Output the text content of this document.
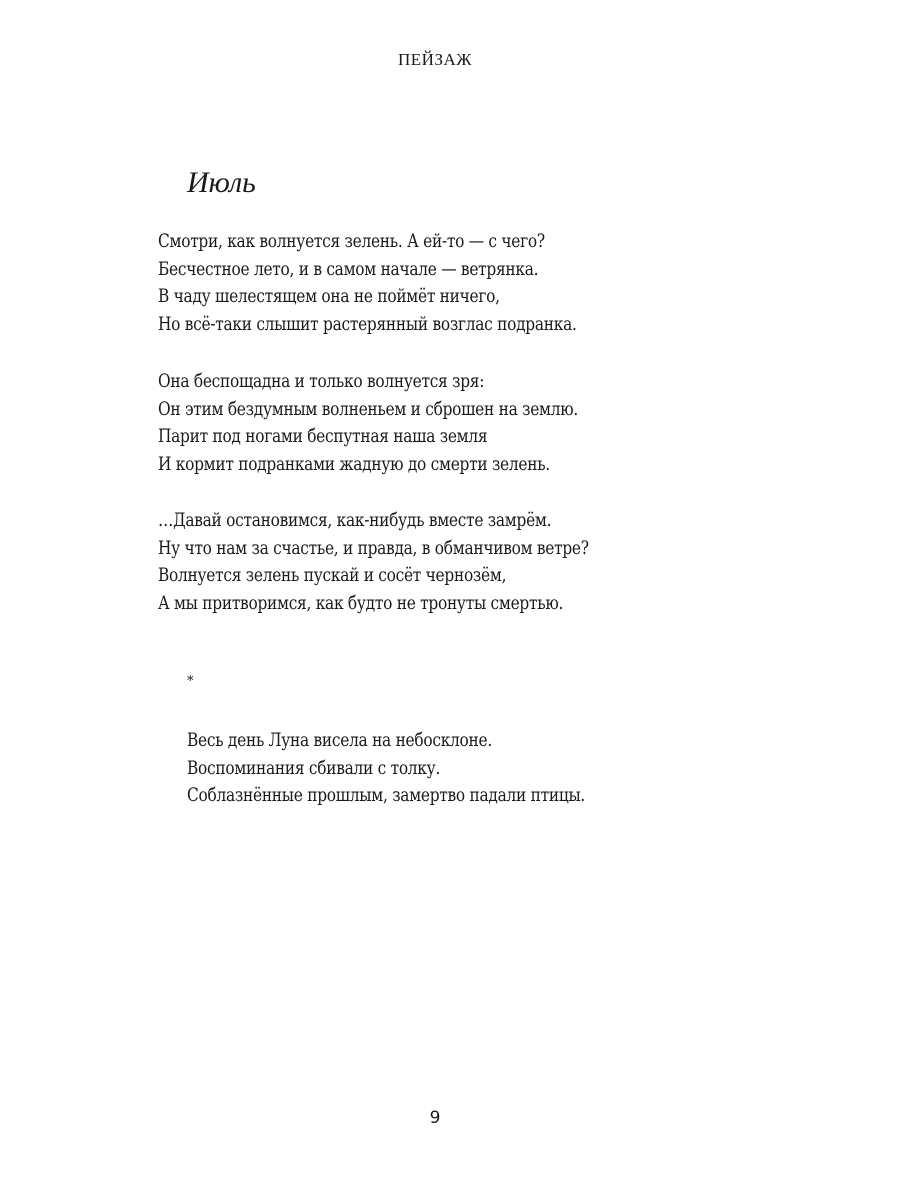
ПЕЙЗАЖ
Июль
Смотри, как волнуется зелень. А ей-то — с чего?
Бесчестное лето, и в самом начале — ветрянка.
В чаду шелестящем она не поймёт ничего,
Но всё-таки слышит растерянный возглас подранка.
Она беспощадна и только волнуется зря:
Он этим бездумным волненьем и сброшен на землю.
Парит под ногами беспутная наша земля
И кормит подранками жадную до смерти зелень.
…Давай остановимся, как-нибудь вместе замрём.
Ну что нам за счастье, и правда, в обманчивом ветре?
Волнуется зелень пускай и сосёт чернозём,
А мы притворимся, как будто не тронуты смертью.
*
Весь день Луна висела на небосклоне.
Воспоминания сбивали с толку.
Соблазнённые прошлым, замертво падали птицы.
9
